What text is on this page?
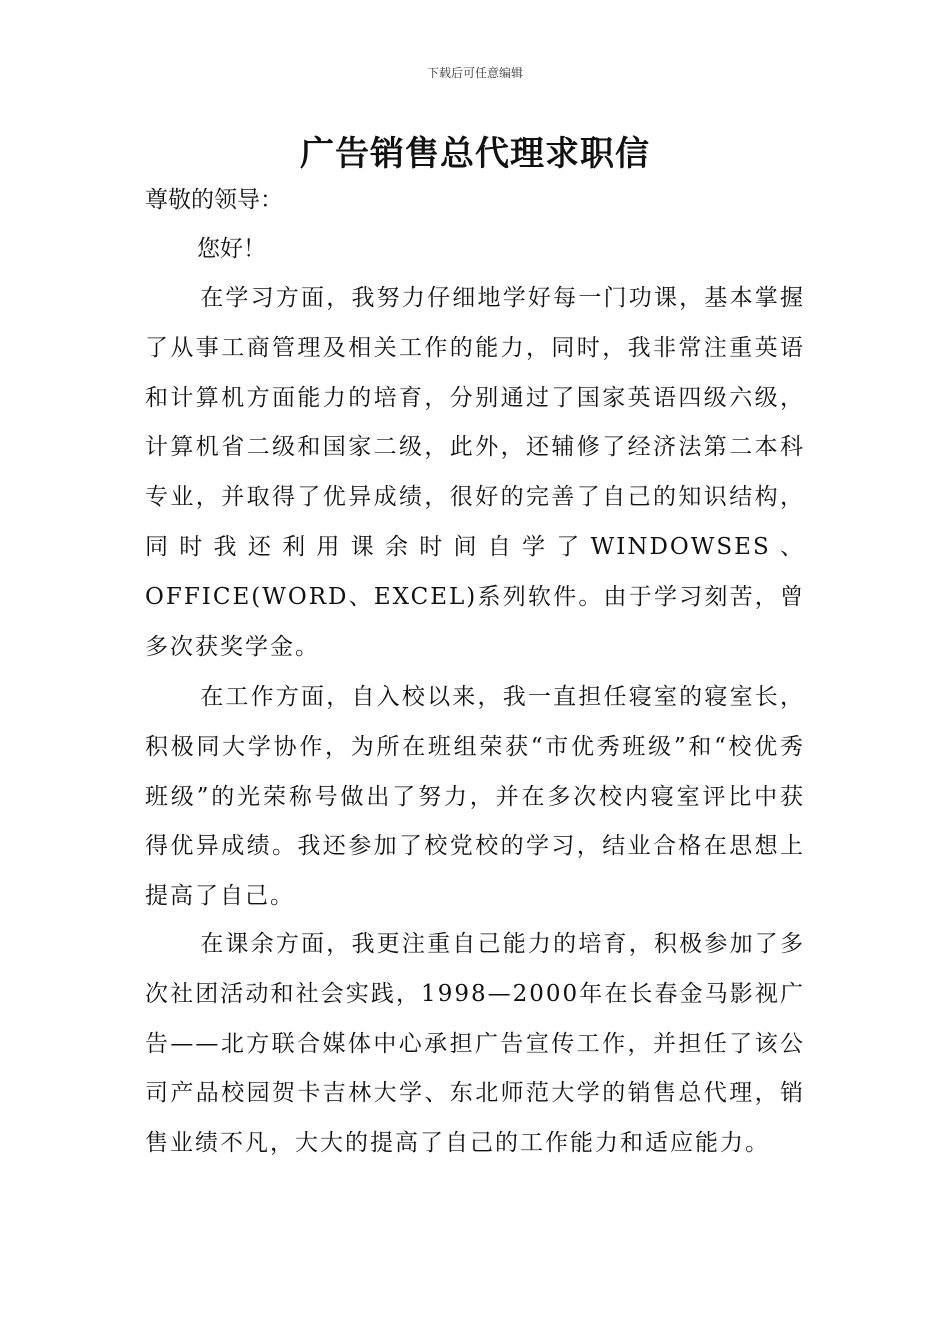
下载后可任意编辑
广告销售总代理求职信

尊敬的领导：

您好！

在学习方面，我努力仔细地学好每一门功课，基本掌握了从事工商管理及相关工作的能力，同时，我非常注重英语和计算机方面能力的培育，分别通过了国家英语四级六级，计算机省二级和国家二级，此外，还辅修了经济法第二本科专业，并取得了优异成绩，很好的完善了自己的知识结构，同时我还利用课余时间自学了WINDOWSES、OFFICE(WORD、EXCEL)系列软件。由于学习刻苦，曾多次获奖学金。

在工作方面，自入校以来，我一直担任寝室的寝室长，积极同大学协作，为所在班组荣获“市优秀班级”和“校优秀班级”的光荣称号做出了努力，并在多次校内寝室评比中获得优异成绩。我还参加了校党校的学习，结业合格在思想上提高了自己。

在课余方面，我更注重自己能力的培育，积极参加了多次社团活动和社会实践，1998—2000年在长春金马影视广告——北方联合媒体中心承担广告宣传工作，并担任了该公司产品校园贺卡吉林大学、东北师范大学的销售总代理，销售业绩不凡，大大的提高了自己的工作能力和适应能力。
